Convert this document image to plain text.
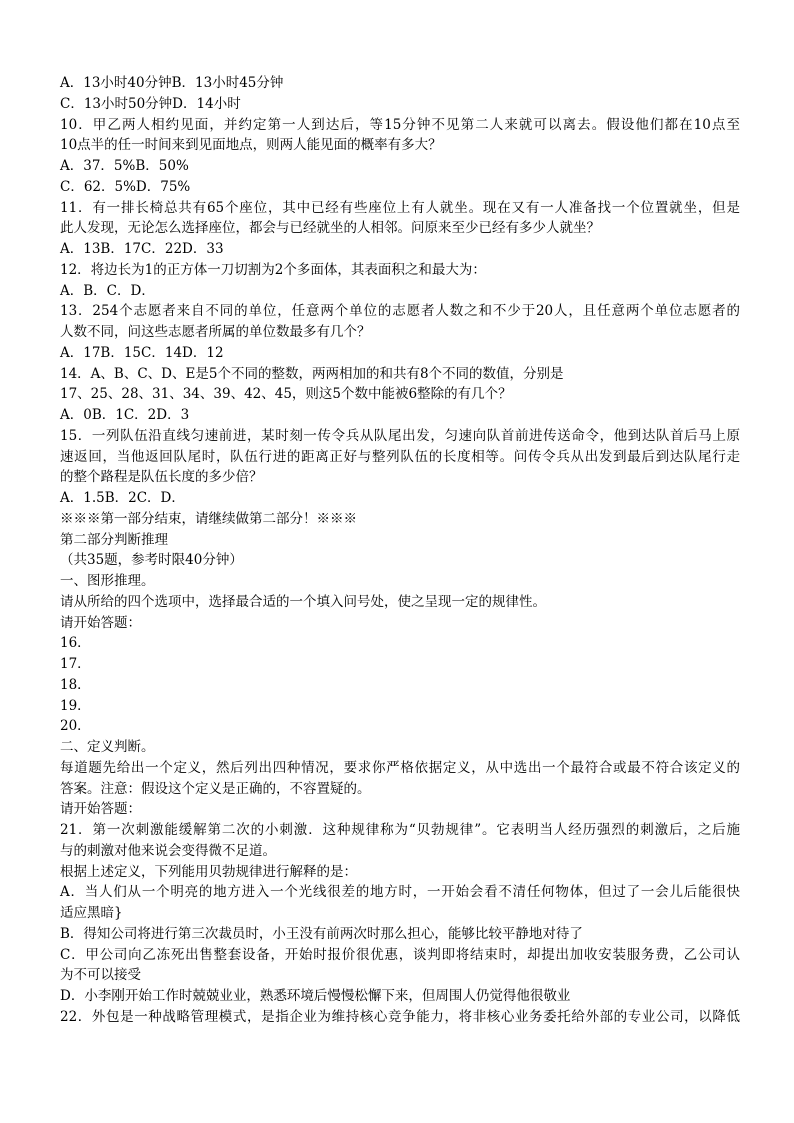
A．13小时40分钟B．13小时45分钟
C．13小时50分钟D．14小时
10．甲乙两人相约见面，并约定第一人到达后，等15分钟不见第二人来就可以离去。假设他们都在10点至
10点半的任一时间来到见面地点，则两人能见面的概率有多大？
A．37．5%B．50%
C．62．5%D．75%
11．有一排长椅总共有65个座位，其中已经有些座位上有人就坐。现在又有一人准备找一个位置就坐，但是
此人发现，无论怎么选择座位，都会与已经就坐的人相邻。问原来至少已经有多少人就坐？
A．13B．17C．22D．33
12．将边长为1的正方体一刀切割为2个多面体，其表面积之和最大为：
A．B．C．D．
13．254个志愿者来自不同的单位，任意两个单位的志愿者人数之和不少于20人，且任意两个单位志愿者的
人数不同，问这些志愿者所属的单位数最多有几个？
A．17B．15C．14D．12
14．A、B、C、D、E是5个不同的整数，两两相加的和共有8个不同的数值，分别是
17、25、28、31、34、39、42、45，则这5个数中能被6整除的有几个？
A．0B．1C．2D．3
15．一列队伍沿直线匀速前进，某时刻一传令兵从队尾出发，匀速向队首前进传送命令，他到达队首后马上原
速返回，当他返回队尾时，队伍行进的距离正好与整列队伍的长度相等。问传令兵从出发到最后到达队尾行走
的整个路程是队伍长度的多少倍？
A．1.5B．2C．D．
※※※第一部分结束，请继续做第二部分！※※※
第二部分判断推理
（共35题，参考时限40分钟）
一、图形推理。
请从所给的四个选项中，选择最合适的一个填入问号处，使之呈现一定的规律性。
请开始答题：
16．
17．
18．
19．
20．
二、定义判断。
每道题先给出一个定义，然后列出四种情况，要求你严格依据定义，从中选出一个最符合或最不符合该定义的
答案。注意：假设这个定义是正确的，不容置疑的。
请开始答题：
21．第一次刺激能缓解第二次的小刺激．这种规律称为“贝勃规律”。它表明当人经历强烈的刺激后，之后施
与的刺激对他来说会变得微不足道。
根据上述定义，下列能用贝勃规律进行解释的是：
A．当人们从一个明亮的地方进入一个光线很差的地方时，一开始会看不清任何物体，但过了一会儿后能很快
适应黑暗}
B．得知公司将进行第三次裁员时，小王没有前两次时那么担心，能够比较平静地对待了
C．甲公司向乙冻死出售整套设备，开始时报价很优惠，谈判即将结束时，却提出加收安装服务费，乙公司认
为不可以接受
D．小李刚开始工作时兢兢业业，熟悉环境后慢慢松懈下来，但周围人仍觉得他很敬业
22．外包是一种战略管理模式，是指企业为维持核心竞争能力，将非核心业务委托给外部的专业公司，以降低
